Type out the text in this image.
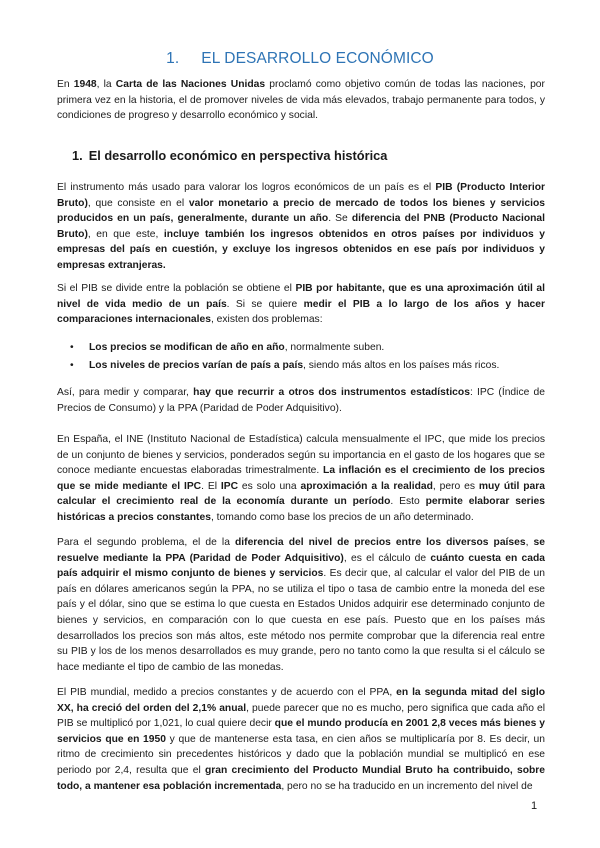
1. EL DESARROLLO ECONÓMICO

En 1948, la Carta de las Naciones Unidas proclamó como objetivo común de todas las naciones, por primera vez en la historia, el de promover niveles de vida más elevados, trabajo permanente para todos, y condiciones de progreso y desarrollo económico y social.

1. El desarrollo económico en perspectiva histórica

El instrumento más usado para valorar los logros económicos de un país es el PIB (Producto Interior Bruto), que consiste en el valor monetario a precio de mercado de todos los bienes y servicios producidos en un país, generalmente, durante un año. Se diferencia del PNB (Producto Nacional Bruto), en que este, incluye también los ingresos obtenidos en otros países por individuos y empresas del país en cuestión, y excluye los ingresos obtenidos en ese país por individuos y empresas extranjeras.

Si el PIB se divide entre la población se obtiene el PIB por habitante, que es una aproximación útil al nivel de vida medio de un país. Si se quiere medir el PIB a lo largo de los años y hacer comparaciones internacionales, existen dos problemas:

• Los precios se modifican de año en año, normalmente suben.
• Los niveles de precios varían de país a país, siendo más altos en los países más ricos.

Así, para medir y comparar, hay que recurrir a otros dos instrumentos estadísticos: IPC (Índice de Precios de Consumo) y la PPA (Paridad de Poder Adquisitivo).

En España, el INE (Instituto Nacional de Estadística) calcula mensualmente el IPC, que mide los precios de un conjunto de bienes y servicios, ponderados según su importancia en el gasto de los hogares que se conoce mediante encuestas elaboradas trimestralmente. La inflación es el crecimiento de los precios que se mide mediante el IPC. El IPC es solo una aproximación a la realidad, pero es muy útil para calcular el crecimiento real de la economía durante un período. Esto permite elaborar series históricas a precios constantes, tomando como base los precios de un año determinado.

Para el segundo problema, el de la diferencia del nivel de precios entre los diversos países, se resuelve mediante la PPA (Paridad de Poder Adquisitivo), es el cálculo de cuánto cuesta en cada país adquirir el mismo conjunto de bienes y servicios. Es decir que, al calcular el valor del PIB de un país en dólares americanos según la PPA, no se utiliza el tipo o tasa de cambio entre la moneda del ese país y el dólar, sino que se estima lo que cuesta en Estados Unidos adquirir ese determinado conjunto de bienes y servicios, en comparación con lo que cuesta en ese país. Puesto que en los países más desarrollados los precios son más altos, este método nos permite comprobar que la diferencia real entre su PIB y los de los menos desarrollados es muy grande, pero no tanto como la que resulta si el cálculo se hace mediante el tipo de cambio de las monedas.

El PIB mundial, medido a precios constantes y de acuerdo con el PPA, en la segunda mitad del siglo XX, ha creció del orden del 2,1% anual, puede parecer que no es mucho, pero significa que cada año el PIB se multiplicó por 1,021, lo cual quiere decir que el mundo producía en 2001 2,8 veces más bienes y servicios que en 1950 y que de mantenerse esta tasa, en cien años se multiplicaría por 8. Es decir, un ritmo de crecimiento sin precedentes históricos y dado que la población mundial se multiplicó en ese periodo por 2,4, resulta que el gran crecimiento del Producto Mundial Bruto ha contribuido, sobre todo, a mantener esa población incrementada, pero no se ha traducido en un incremento del nivel de

1
